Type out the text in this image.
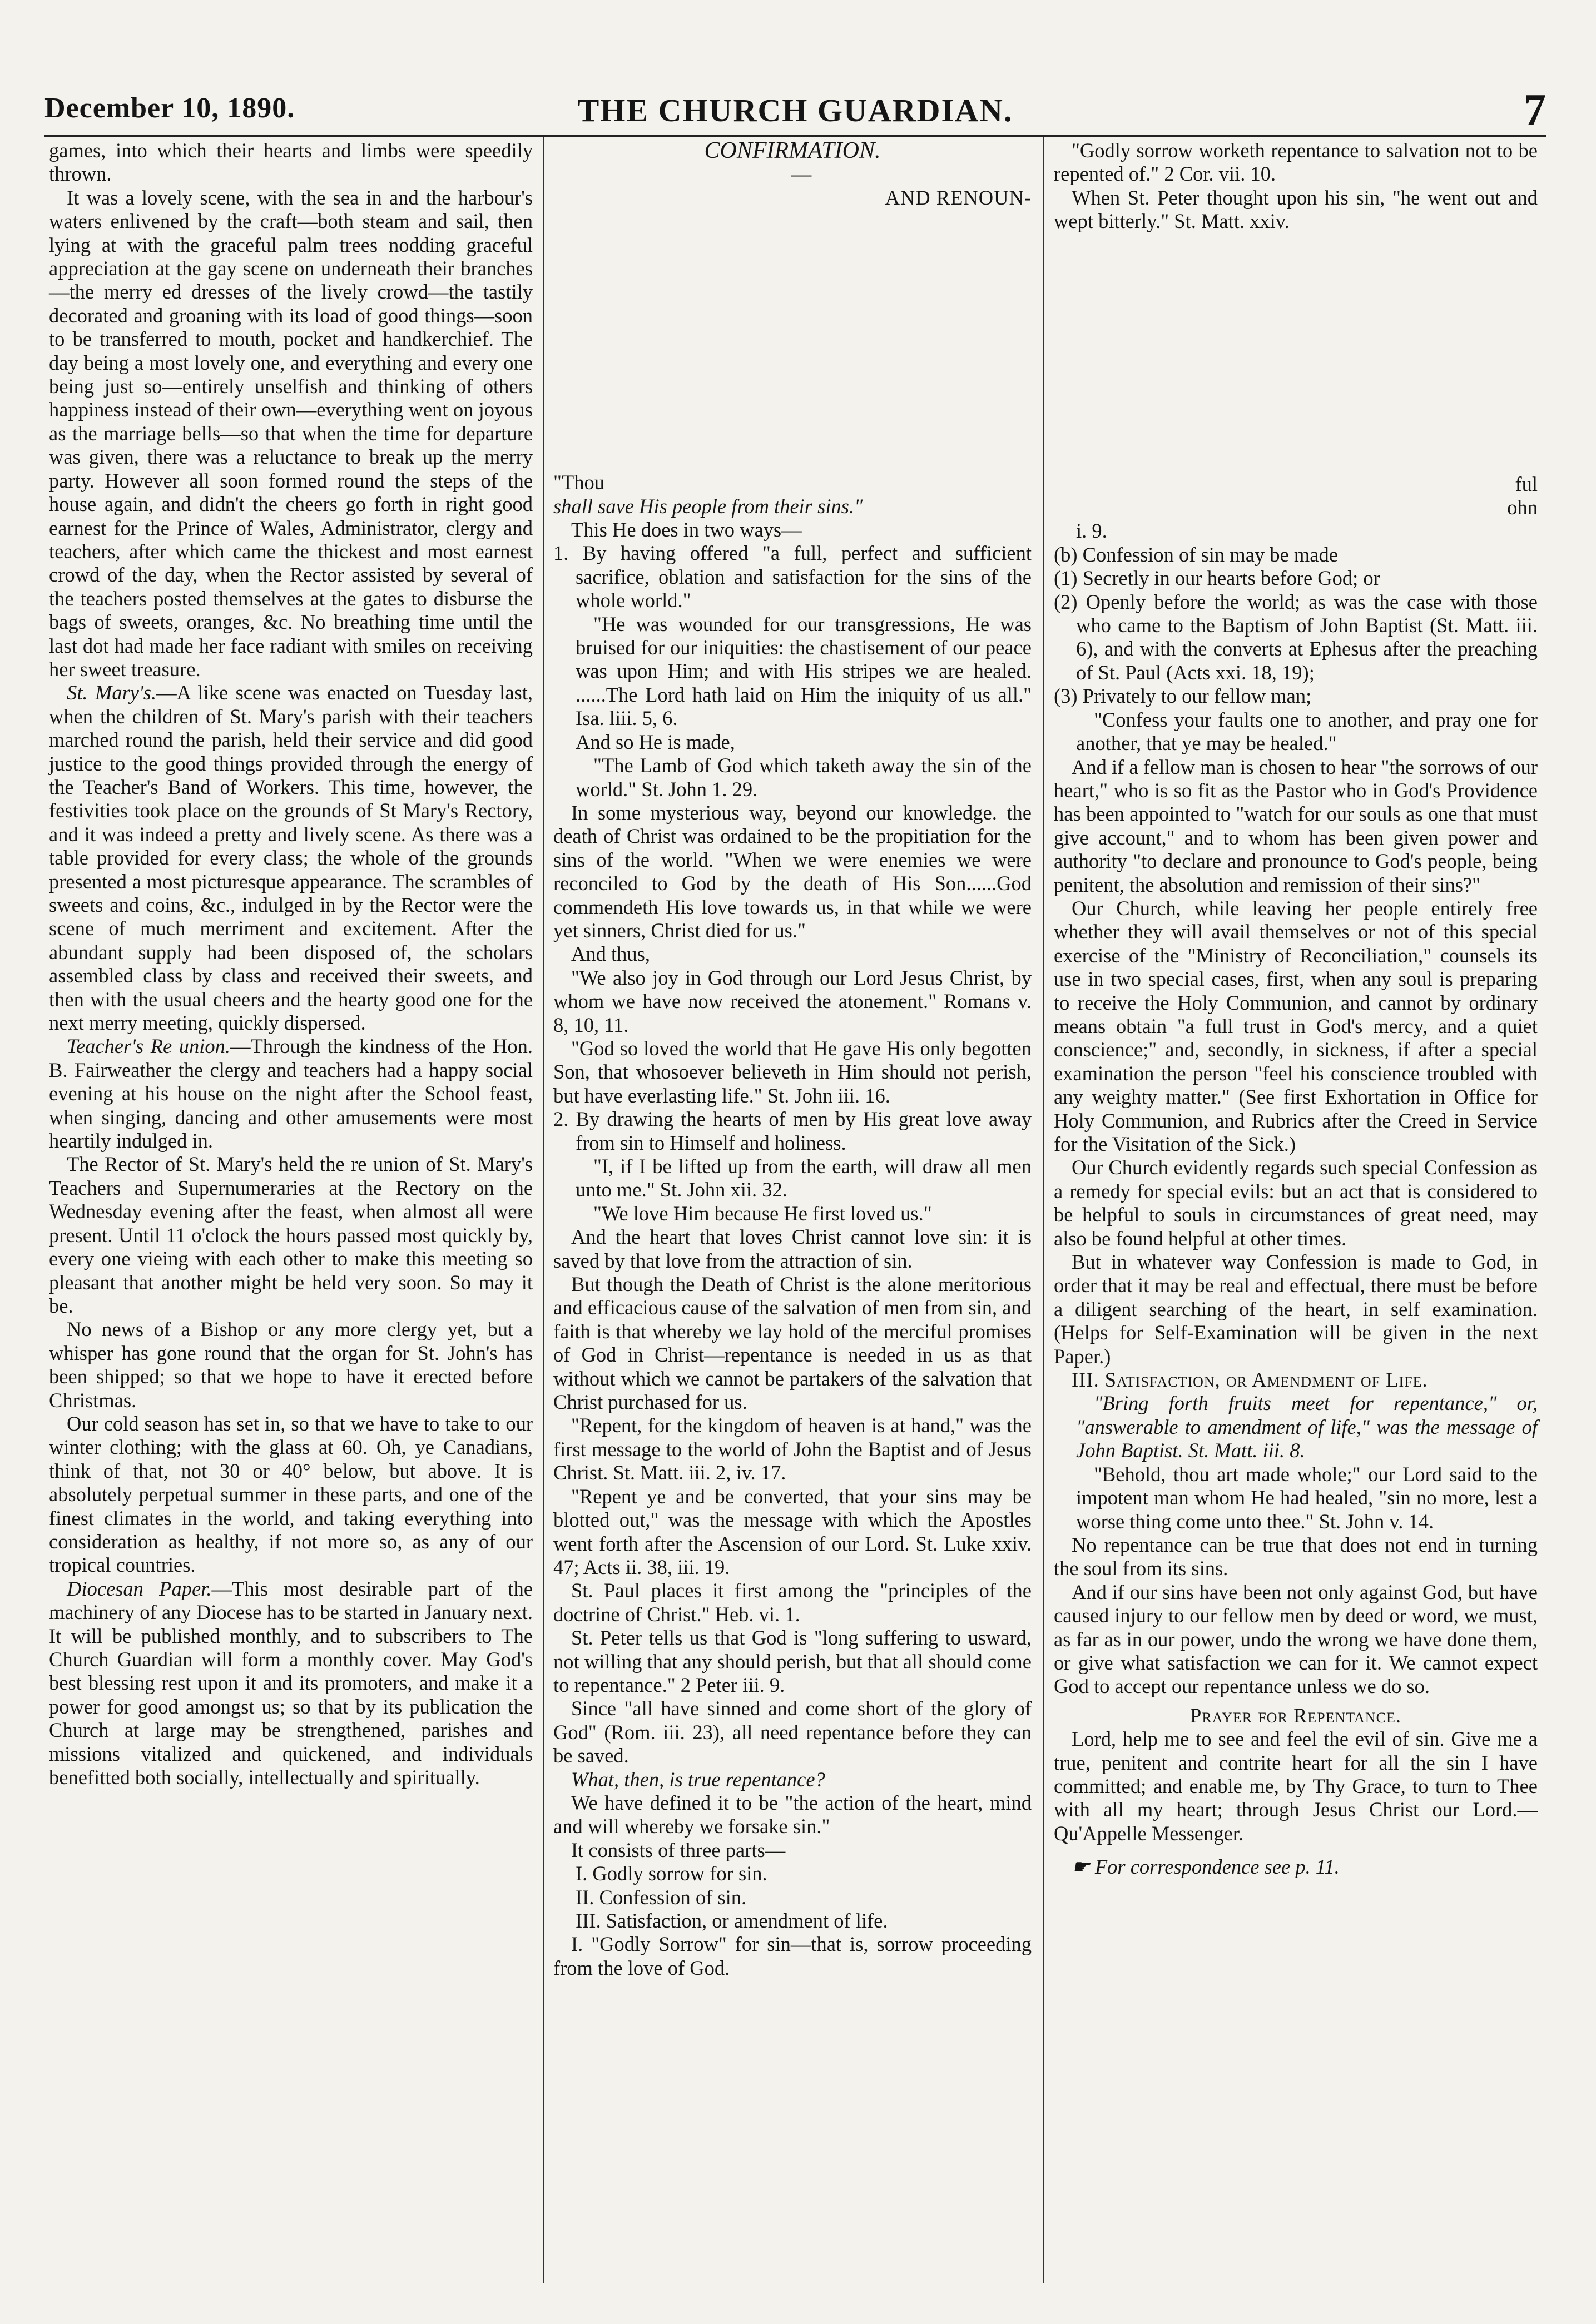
December 10, 1890.	THE CHURCH GUARDIAN.	7

games, into which their hearts and limbs were speedily thrown.

It was a lovely scene, with the sea in and the harbour's waters enlivened by the craft—both steam and sail, then lying at with the graceful palm trees nodding graceful appreciation at the gay scene on underneath their branches—the merry ed dresses of the lively crowd—the tastily decorated and groaning with its load of good things—soon to be transferred to mouth, pocket and handkerchief. The day being a most lovely one, and everything and every one being just so—entirely unselfish and thinking of others happiness instead of their own—everything went on joyous as the marriage bells—so that when the time for departure was given, there was a reluctance to break up the merry party. However all soon formed round the steps of the house again, and didn't the cheers go forth in right good earnest for the Prince of Wales, Administrator, clergy and teachers, after which came the thickest and most earnest crowd of the day, when the Rector assisted by several of the teachers posted themselves at the gates to disburse the bags of sweets, oranges, &c. No breathing time until the last dot had made her face radiant with smiles on receiving her sweet treasure.

St. Mary's.—A like scene was enacted on Tuesday last, when the children of St. Mary's parish with their teachers marched round the parish, held their service and did good justice to the good things provided through the energy of the Teacher's Band of Workers. This time, however, the festivities took place on the grounds of St Mary's Rectory, and it was indeed a pretty and lively scene. As there was a table provided for every class; the whole of the grounds presented a most picturesque appearance. The scrambles of sweets and coins, &c., indulged in by the Rector were the scene of much merriment and excitement. After the abundant supply had been disposed of, the scholars assembled class by class and received their sweets, and then with the usual cheers and the hearty good one for the next merry meeting, quickly dispersed.

Teacher's Re union.—Through the kindness of the Hon. B. Fairweather the clergy and teachers had a happy social evening at his house on the night after the School feast, when singing, dancing and other amusements were most heartily indulged in.

The Rector of St. Mary's held the re union of St. Mary's Teachers and Supernumeraries at the Rectory on the Wednesday evening after the feast, when almost all were present. Until 11 o'clock the hours passed most quickly by, every one vieing with each other to make this meeting so pleasant that another might be held very soon. So may it be.

No news of a Bishop or any more clergy yet, but a whisper has gone round that the organ for St. John's has been shipped; so that we hope to have it erected before Christmas.

Our cold season has set in, so that we have to take to our winter clothing; with the glass at 60. Oh, ye Canadians, think of that, not 30 or 40° below, but above. It is absolutely perpetual summer in these parts, and one of the finest climates in the world, and taking everything into consideration as healthy, if not more so, as any of our tropical countries.

Diocesan Paper.—This most desirable part of the machinery of any Diocese has to be started in January next. It will be published monthly, and to subscribers to The Church Guardian will form a monthly cover. May God's best blessing rest upon it and its promoters, and make it a power for good amongst us; so that by its publication the Church at large may be strengthened, parishes and missions vitalized and quickened, and individuals benefitted both socially, intellectually and spiritually.

CONFIRMATION.

—

AND RENOUN-

"Thou

shall save His people from their sins."

This He does in two ways—

1. By having offered "a full, perfect and sufficient sacrifice, oblation and satisfaction for the sins of the whole world."

"He was wounded for our transgressions, He was bruised for our iniquities: the chastisement of our peace was upon Him; and with His stripes we are healed. ......The Lord hath laid on Him the iniquity of us all." Isa. liii. 5, 6.

And so He is made,

"The Lamb of God which taketh away the sin of the world." St. John 1. 29.

In some mysterious way, beyond our knowledge. the death of Christ was ordained to be the propitiation for the sins of the world. "When we were enemies we were reconciled to God by the death of His Son......God commendeth His love towards us, in that while we were yet sinners, Christ died for us."

And thus,

"We also joy in God through our Lord Jesus Christ, by whom we have now received the atonement." Romans v. 8, 10, 11.

"God so loved the world that He gave His only begotten Son, that whosoever believeth in Him should not perish, but have everlasting life." St. John iii. 16.

2. By drawing the hearts of men by His great love away from sin to Himself and holiness.

"I, if I be lifted up from the earth, will draw all men unto me." St. John xii. 32.

"We love Him because He first loved us."

And the heart that loves Christ cannot love sin: it is saved by that love from the attraction of sin.

But though the Death of Christ is the alone meritorious and efficacious cause of the salvation of men from sin, and faith is that whereby we lay hold of the merciful promises of God in Christ—repentance is needed in us as that without which we cannot be partakers of the salvation that Christ purchased for us.

"Repent, for the kingdom of heaven is at hand," was the first message to the world of John the Baptist and of Jesus Christ. St. Matt. iii. 2, iv. 17.

"Repent ye and be converted, that your sins may be blotted out," was the message with which the Apostles went forth after the Ascension of our Lord. St. Luke xxiv. 47; Acts ii. 38, iii. 19.

St. Paul places it first among the "principles of the doctrine of Christ." Heb. vi. 1.

St. Peter tells us that God is "long suffering to usward, not willing that any should perish, but that all should come to repentance." 2 Peter iii. 9.

Since "all have sinned and come short of the glory of God" (Rom. iii. 23), all need repentance before they can be saved.

What, then, is true repentance?

We have defined it to be "the action of the heart, mind and will whereby we forsake sin."

It consists of three parts—

I. Godly sorrow for sin.

II. Confession of sin.

III. Satisfaction, or amendment of life.

I. "Godly Sorrow" for sin—that is, sorrow proceeding from the love of God.

"Godly sorrow worketh repentance to salvation not to be repented of." 2 Cor. vii. 10.

When St. Peter thought upon his sin, "he went out and wept bitterly." St. Matt. xxiv.

ful

ohn

i. 9.

(b) Confession of sin may be made

(1) Secretly in our hearts before God; or

(2) Openly before the world; as was the case with those who came to the Baptism of John Baptist (St. Matt. iii. 6), and with the converts at Ephesus after the preaching of St. Paul (Acts xxi. 18, 19);

(3) Privately to our fellow man;

"Confess your faults one to another, and pray one for another, that ye may be healed."

And if a fellow man is chosen to hear "the sorrows of our heart," who is so fit as the Pastor who in God's Providence has been appointed to "watch for our souls as one that must give account," and to whom has been given power and authority "to declare and pronounce to God's people, being penitent, the absolution and remission of their sins?"

Our Church, while leaving her people entirely free whether they will avail themselves or not of this special exercise of the "Ministry of Reconciliation," counsels its use in two special cases, first, when any soul is preparing to receive the Holy Communion, and cannot by ordinary means obtain "a full trust in God's mercy, and a quiet conscience;" and, secondly, in sickness, if after a special examination the person "feel his conscience troubled with any weighty matter." (See first Exhortation in Office for Holy Communion, and Rubrics after the Creed in Service for the Visitation of the Sick.)

Our Church evidently regards such special Confession as a remedy for special evils: but an act that is considered to be helpful to souls in circumstances of great need, may also be found helpful at other times.

But in whatever way Confession is made to God, in order that it may be real and effectual, there must be before a diligent searching of the heart, in self examination. (Helps for Self-Examination will be given in the next Paper.)

III. Satisfaction, or Amendment of Life.

"Bring forth fruits meet for repentance," or, "answerable to amendment of life," was the message of John Baptist. St. Matt. iii. 8.

"Behold, thou art made whole;" our Lord said to the impotent man whom He had healed, "sin no more, lest a worse thing come unto thee." St. John v. 14.

No repentance can be true that does not end in turning the soul from its sins.

And if our sins have been not only against God, but have caused injury to our fellow men by deed or word, we must, as far as in our power, undo the wrong we have done them, or give what satisfaction we can for it. We cannot expect God to accept our repentance unless we do so.

Prayer for Repentance.

Lord, help me to see and feel the evil of sin. Give me a true, penitent and contrite heart for all the sin I have committed; and enable me, by Thy Grace, to turn to Thee with all my heart; through Jesus Christ our Lord.—Qu'Appelle Messenger.

☛ For correspondence see p. 11.
